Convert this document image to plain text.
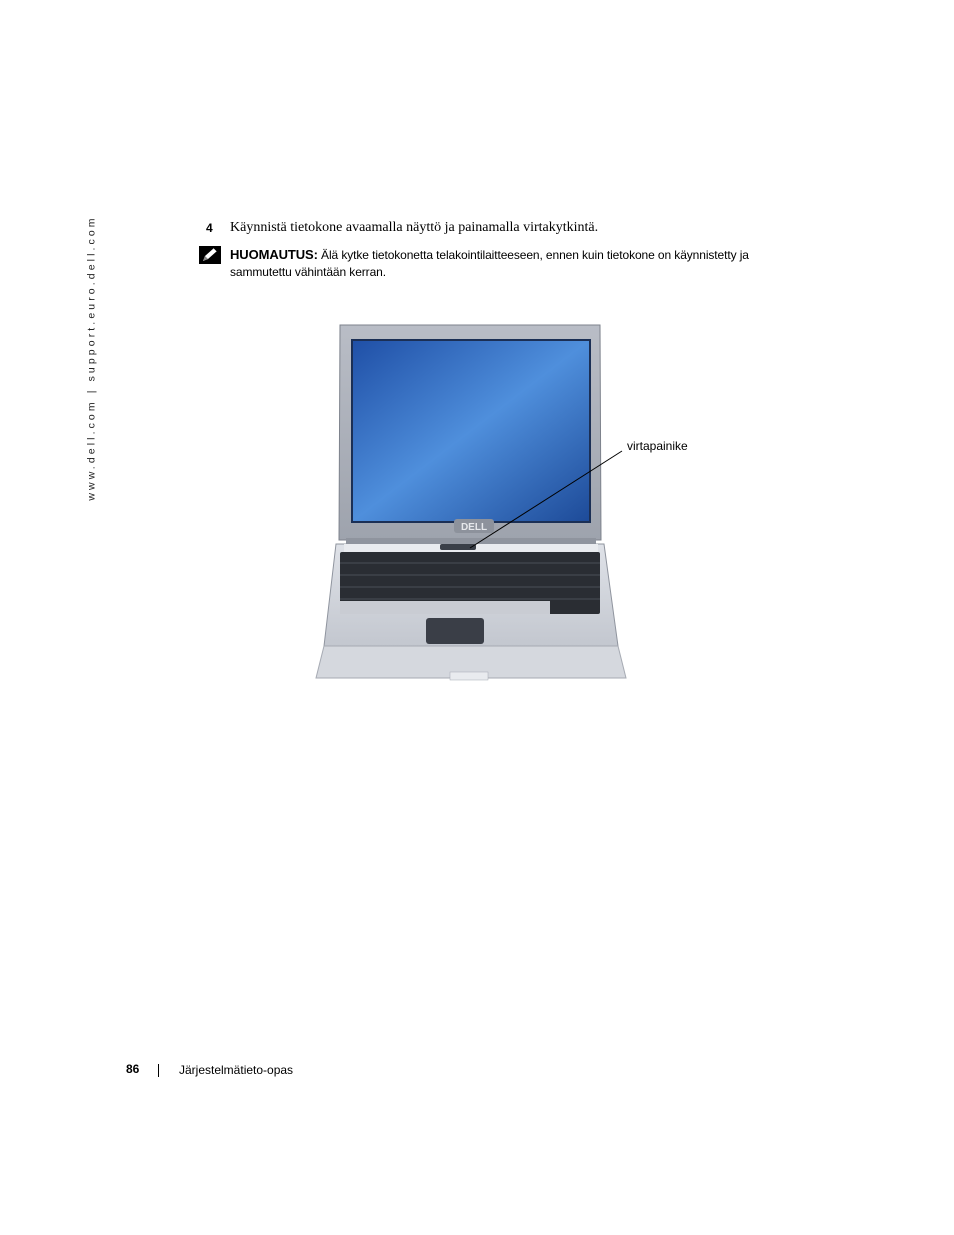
www.dell.com | support.euro.dell.com	4 Käynnistä tietokone avaamalla näyttö ja painamalla virtakytkintä.
HUOMAUTUS: Älä kytke tietokonetta telakointilaitteeseen, ennen kuin tietokone on käynnistetty ja sammutettu vähintään kerran.
DELL
virtapainike
86	Järjestelmätieto-opas
